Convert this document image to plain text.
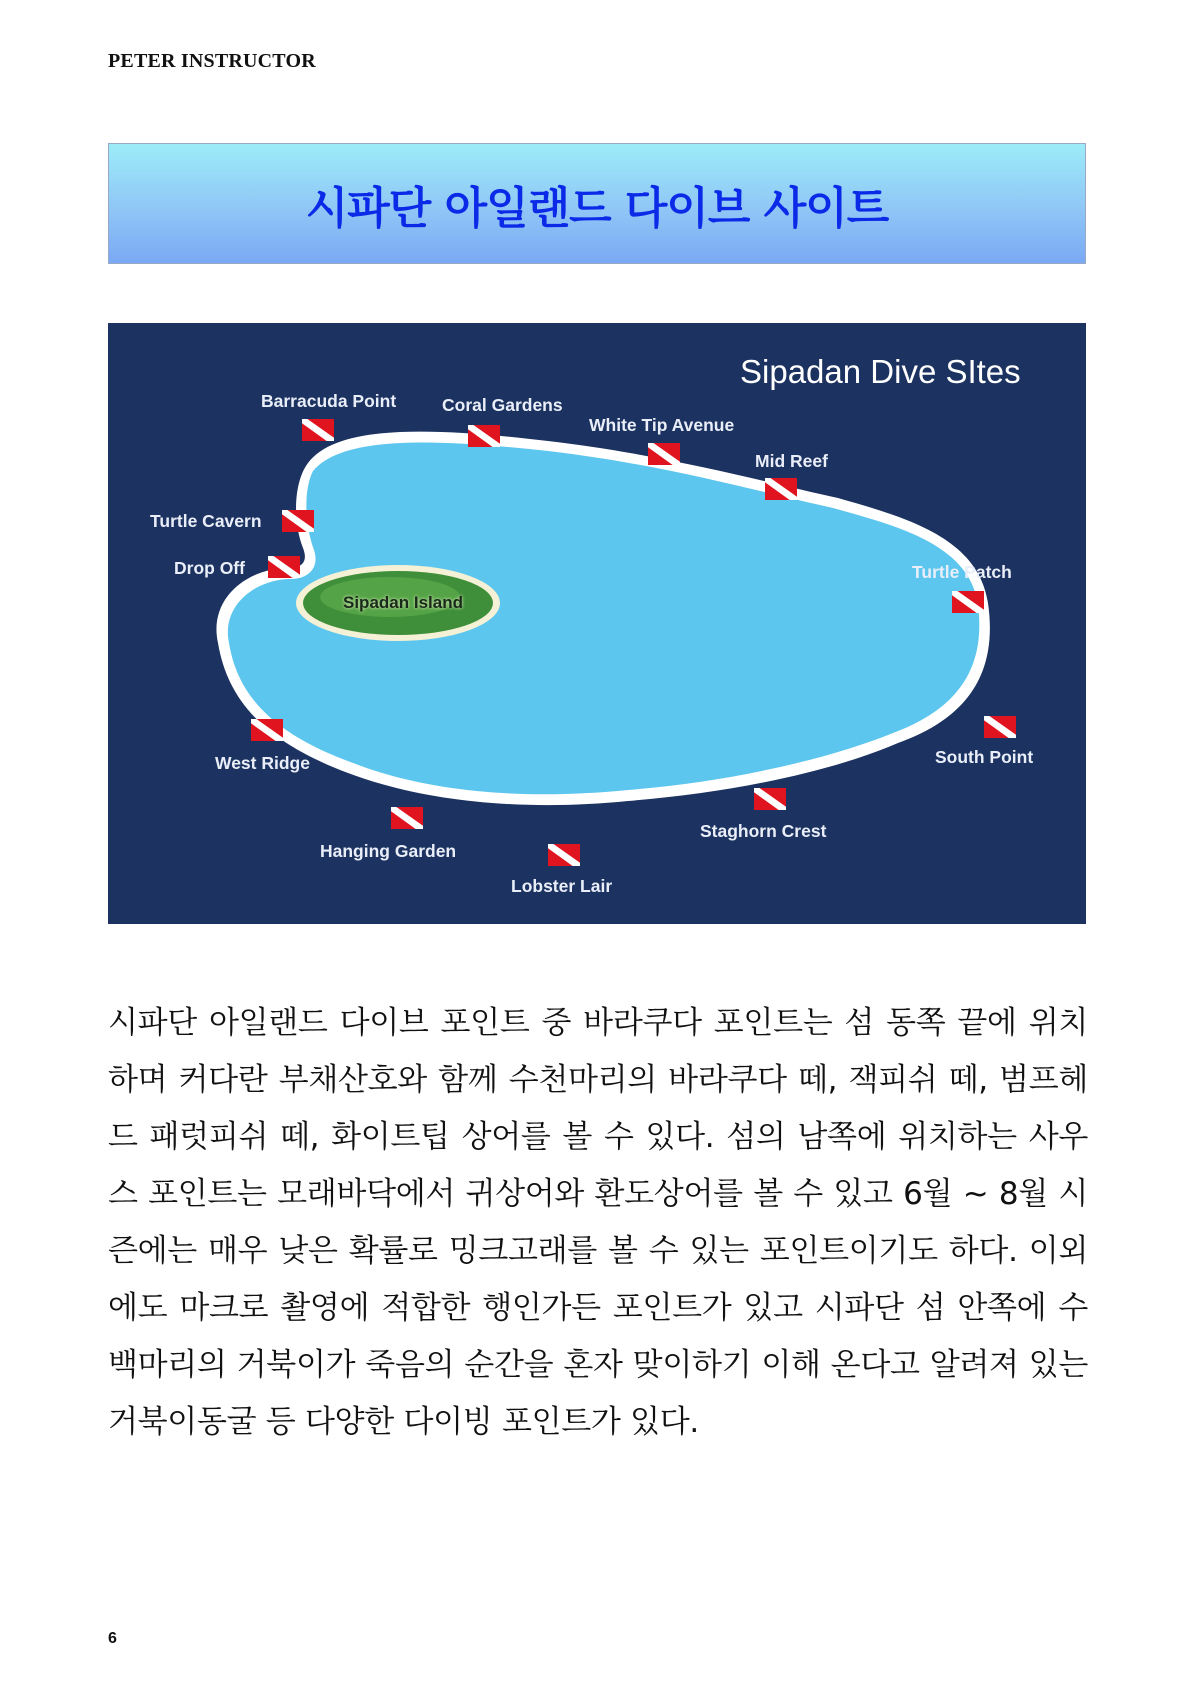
PETER INSTRUCTOR
시파단 아일랜드 다이브 사이트
Sipadan Dive SItes
Sipadan Island
Barracuda Point	Coral Gardens
White Tip Avenue
Mid Reef
Turtle Cavern
Drop Off	Turtle Patch
West Ridge	South Point
Hanging Garden
Staghorn Crest
Lobster Lair
시파단 아일랜드 다이브 포인트 중 바라쿠다 포인트는 섬 동쪽 끝에 위치하며 커다란 부채산호와 함께 수천마리의 바라쿠다 떼, 잭피쉬 떼, 범프헤드 패럿피쉬 떼, 화이트팁 상어를 볼 수 있다. 섬의 남쪽에 위치하는 사우스 포인트는 모래바닥에서 귀상어와 환도상어를 볼 수 있고 6월 ~ 8월 시즌에는 매우 낮은 확률로 밍크고래를 볼 수 있는 포인트이기도 하다. 이외에도 마크로 촬영에 적합한 행인가든 포인트가 있고 시파단 섬 안쪽에 수백마리의 거북이가 죽음의 순간을 혼자 맞이하기 이해 온다고 알려져 있는 거북이동굴 등 다양한 다이빙 포인트가 있다.
6
